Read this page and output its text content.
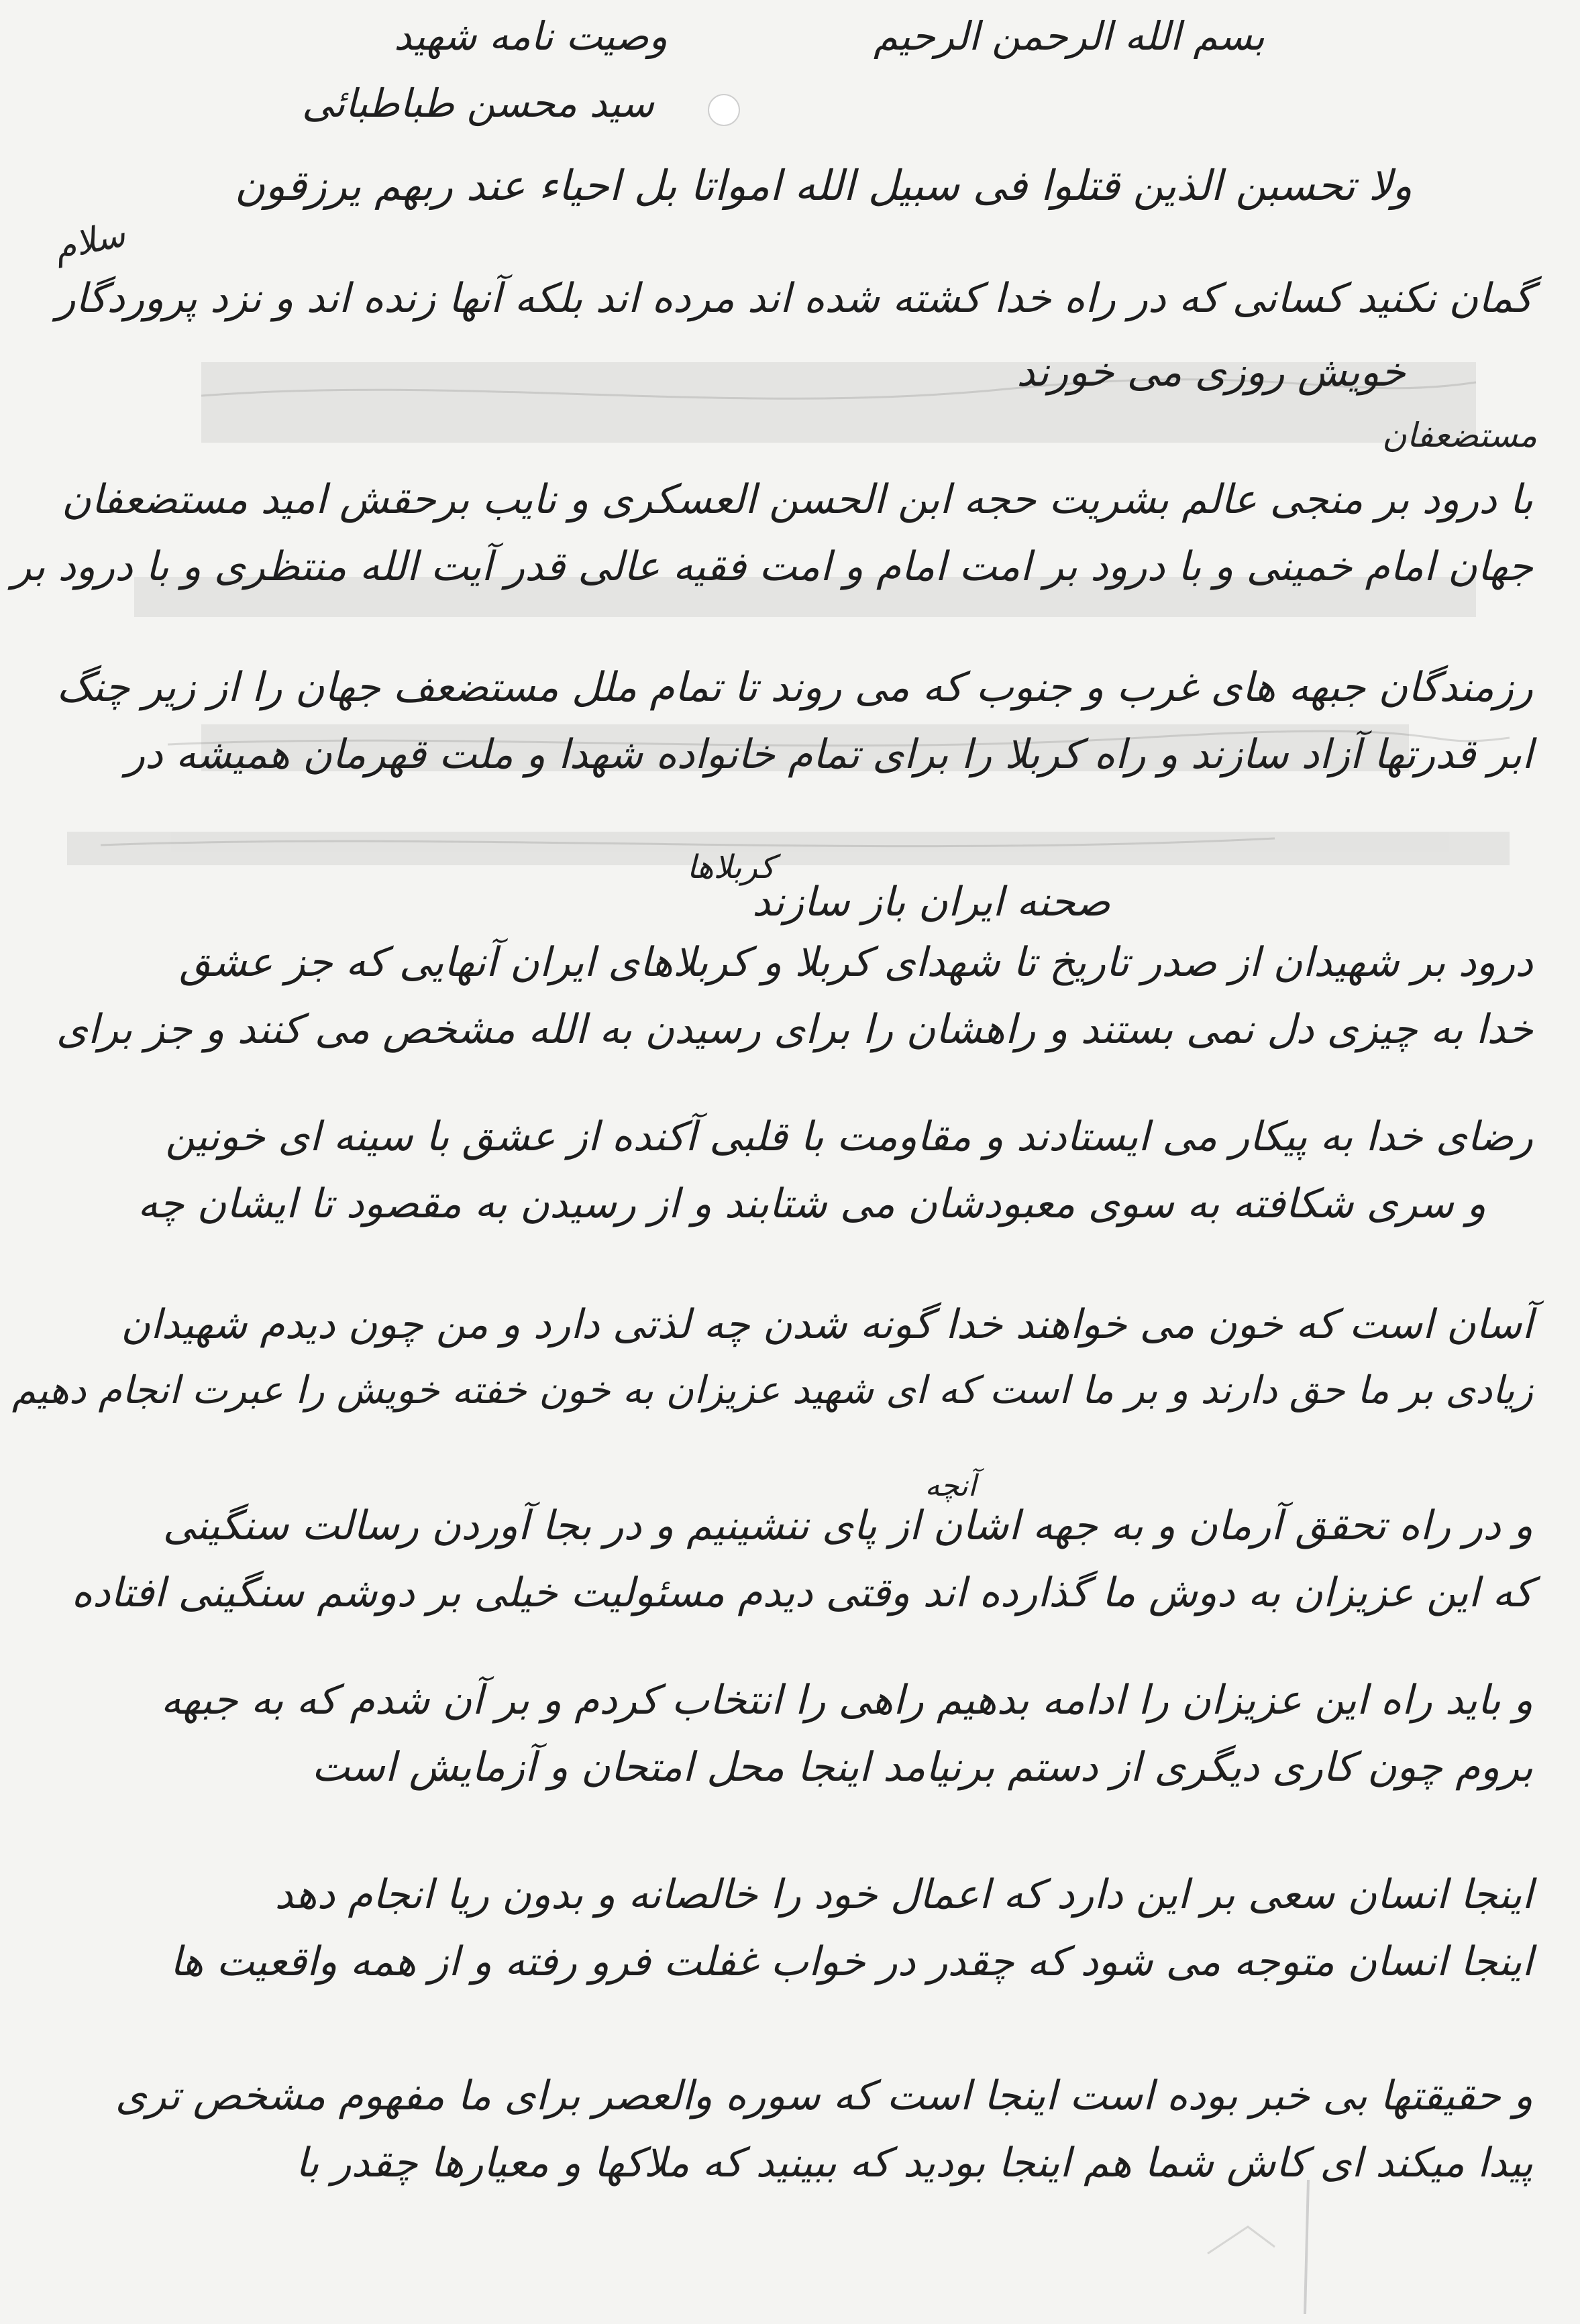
بسم الله الرحمن الرحیم
وصیت نامه شهید
سید محسن طباطبائی
ولا تحسبن الذین قتلوا فی سبیل الله امواتا بل احیاء عند ربهم یرزقون
سلام
مستضعفان
گمان نکنید کسانی که در راه خدا کشته شده اند مرده اند بلکه آنها زنده اند و نزد پروردگار
خویش روزی می خورند
با درود بر منجی عالم بشریت حجه ابن الحسن العسکری و نایب برحقش امید مستضعفان
جهان امام خمینی و با درود بر امت امام و امت فقیه عالی قدر آیت الله منتظری و با درود بر
رزمندگان جبهه های غرب و جنوب که می روند تا تمام ملل مستضعف جهان را از زیر چنگ
ابر قدرتها آزاد سازند و راه کربلا را برای تمام خانواده شهدا و ملت قهرمان همیشه در
کربلاها
صحنه ایران باز سازند
درود بر شهیدان از صدر تاریخ تا شهدای کربلا و کربلاهای ایران آنهایی که جز عشق
خدا به چیزی دل نمی بستند و راهشان را برای رسیدن به الله مشخص می کنند و جز برای
رضای خدا به پیکار می ایستادند و مقاومت با قلبی آکنده از عشق با سینه ای خونین
و سری شکافته به سوی معبودشان می شتابند و از رسیدن به مقصود تا ایشان چه
آسان است که خون می خواهند خدا گونه شدن چه لذتی دارد و من چون دیدم شهیدان
زیادی بر ما حق دارند و بر ما است که ای شهید عزیزان به خون خفته خویش را عبرت انجام دهیم
آنچه
و در راه تحقق آرمان و به جهه اشان از پای ننشینیم و در بجا آوردن رسالت سنگینی
که این عزیزان به دوش ما گذارده اند وقتی دیدم مسئولیت خیلی بر دوشم سنگینی افتاده
و باید راه این عزیزان را ادامه بدهیم راهی را انتخاب کردم و بر آن شدم که به جبهه
بروم چون کاری دیگری از دستم برنیامد اینجا محل امتحان و آزمایش است
اینجا انسان سعی بر این دارد که اعمال خود را خالصانه و بدون ریا انجام دهد
اینجا انسان متوجه می شود که چقدر در خواب غفلت فرو رفته و از همه واقعیت ها
و حقیقتها بی خبر بوده است اینجا است که سوره والعصر برای ما مفهوم مشخص تری
پیدا میکند ای کاش شما هم اینجا بودید که ببینید که ملاکها و معیارها چقدر با
